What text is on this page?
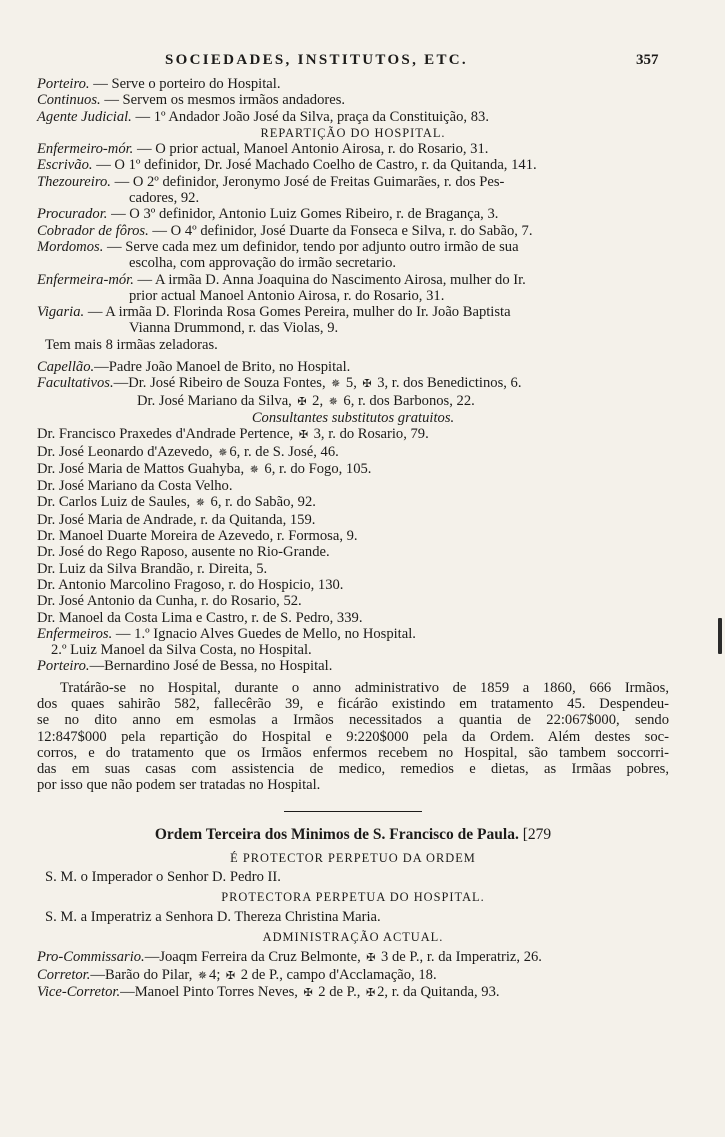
SOCIEDADES, INSTITUTOS, ETC.	357
Porteiro. — Serve o porteiro do Hospital.
Continuos. — Servem os mesmos irmãos andadores.
Agente Judicial. — 1º Andador João José da Silva, praça da Constituição, 83.
REPARTIÇÃO DO HOSPITAL.
Enfermeiro-mór. — O prior actual, Manoel Antonio Airosa, r. do Rosario, 31.
Escrivão. — O 1º definidor, Dr. José Machado Coelho de Castro, r. da Quitanda, 141.
Thezoureiro. — O 2º definidor, Jeronymo José de Freitas Guimarães, r. dos Pes-
cadores, 92.
Procurador. — O 3º definidor, Antonio Luiz Gomes Ribeiro, r. de Bragança, 3.
Cobrador de fôros. — O 4º definidor, José Duarte da Fonseca e Silva, r. do Sabão, 7.
Mordomos. — Serve cada mez um definidor, tendo por adjunto outro irmão de sua
escolha, com approvação do irmão secretario.
Enfermeira-mór. — A irmãa D. Anna Joaquina do Nascimento Airosa, mulher do Ir.
prior actual Manoel Antonio Airosa, r. do Rosario, 31.
Vigaria. — A irmãa D. Florinda Rosa Gomes Pereira, mulher do Ir. João Baptista
Vianna Drummond, r. das Violas, 9.
Tem mais 8 irmãas zeladoras.
Capellão.—Padre João Manoel de Brito, no Hospital.
Facultativos.—Dr. José Ribeiro de Souza Fontes, ✵ 5, ✠ 3, r. dos Benedictinos, 6.
Dr. José Mariano da Silva, ✠ 2, ✵ 6, r. dos Barbonos, 22.
Consultantes substitutos gratuitos.
Dr. Francisco Praxedes d'Andrade Pertence, ✠ 3, r. do Rosario, 79.
Dr. José Leonardo d'Azevedo, ✵ 6, r. de S. José, 46.
Dr. José Maria de Mattos Guahyba, ✵ 6, r. do Fogo, 105.
Dr. José Mariano da Costa Velho.
Dr. Carlos Luiz de Saules, ✵ 6, r. do Sabão, 92.
Dr. José Maria de Andrade, r. da Quitanda, 159.
Dr. Manoel Duarte Moreira de Azevedo, r. Formosa, 9.
Dr. José do Rego Raposo, ausente no Rio-Grande.
Dr. Luiz da Silva Brandão, r. Direita, 5.
Dr. Antonio Marcolino Fragoso, r. do Hospicio, 130.
Dr. José Antonio da Cunha, r. do Rosario, 52.
Dr. Manoel da Costa Lima e Castro, r. de S. Pedro, 339.
Enfermeiros. — 1.º Ignacio Alves Guedes de Mello, no Hospital.
2.º Luiz Manoel da Silva Costa, no Hospital.
Porteiro.—Bernardino José de Bessa, no Hospital.
Tratárão-se no Hospital, durante o anno administrativo de 1859 a 1860, 666 Irmãos,
dos quaes sahirão 582, fallecêrão 39, e ficárão existindo em tratamento 45. Despendeu-
se no dito anno em esmolas a Irmãos necessitados a quantia de 22:067$000, sendo
12:847$000 pela repartição do Hospital e 9:220$000 pela da Ordem. Além destes soc-
corros, e do tratamento que os Irmãos enfermos recebem no Hospital, são tambem soccorri-
das em suas casas com assistencia de medico, remedios e dietas, as Irmãas pobres,
por isso que não podem ser tratadas no Hospital.
Ordem Terceira dos Minimos de S. Francisco de Paula. [279
É PROTECTOR PERPETUO DA ORDEM
S. M. o Imperador o Senhor D. Pedro II.
PROTECTORA PERPETUA DO HOSPITAL.
S. M. a Imperatriz a Senhora D. Thereza Christina Maria.
ADMINISTRAÇÃO ACTUAL.
Pro-Commissario.—Joaqm Ferreira da Cruz Belmonte, ✠ 3 de P., r. da Imperatriz, 26.
Corretor.—Barão do Pilar, ✵ 4; ✠ 2 de P., campo d'Acclamação, 18.
Vice-Corretor.—Manoel Pinto Torres Neves, ✠ 2 de P., ✠ 2, r. da Quitanda, 93.
